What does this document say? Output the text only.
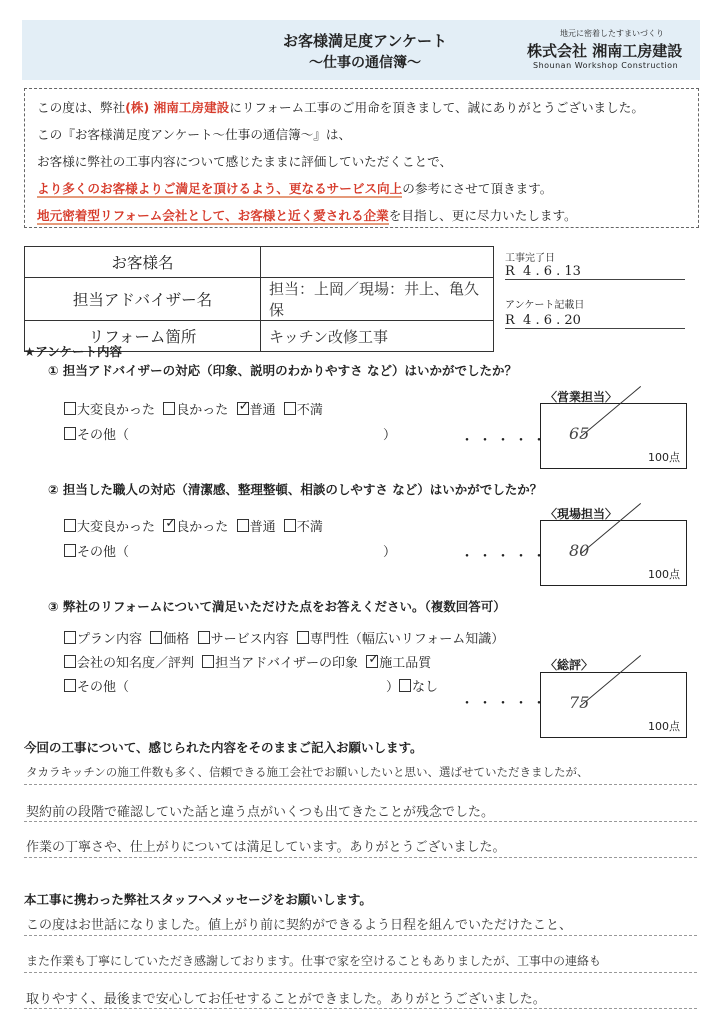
お客様満足度アンケート
〜仕事の通信簿〜
地元に密着したすまいづくり
株式会社 湘南工房建設
Shounan Workshop Construction
この度は、弊社(株) 湘南工房建設にリフォーム工事のご用命を頂きまして、誠にありがとうございました。
この『お客様満足度アンケート〜仕事の通信簿〜』は、
お客様に弊社の工事内容について感じたままに評価していただくことで、
より多くのお客様よりご満足を頂けるよう、更なるサービス向上の参考にさせて頂きます。
地元密着型リフォーム会社として、お客様と近く愛される企業を目指し、更に尽力いたします。
お客様名	
担当アドバイザー名	担当：上岡／現場：井上、亀久保
リフォーム箇所	キッチン改修工事
工事完了日
R  4 . 6 . 13
アンケート記載日
R  4 . 6 . 20
★アンケート内容
① 担当アドバイザーの対応（印象、説明のわかりやすさ など）はいかがでしたか？
大変良かった 良かった ✓ 普通 不満
その他（	）	・・・・・
〈営業担当〉
65
100点
② 担当した職人の対応（清潔感、整理整頓、相談のしやすさ など）はいかがでしたか？
大変良かった ✓ 良かった 普通 不満
その他（	）	・・・・・
〈現場担当〉
80
100点
③ 弊社のリフォームについて満足いただけた点をお答えください。（複数回答可）
プラン内容 価格 サービス内容 専門性（幅広いリフォーム知識）
会社の知名度／評判 担当アドバイザーの印象 ✓ 施工品質
その他（	） なし
・・・・・
〈総評〉
75
100点
今回の工事について、感じられた内容をそのままご記入お願いします。
タカラキッチンの施工件数も多く、信頼できる施工会社でお願いしたいと思い、選ばせていただきましたが、
契約前の段階で確認していた話と違う点がいくつも出てきたことが残念でした。
作業の丁寧さや、仕上がりについては満足しています。ありがとうございました。
本工事に携わった弊社スタッフへメッセージをお願いします。
この度はお世話になりました。値上がり前に契約ができるよう日程を組んでいただけたこと、
また作業も丁寧にしていただき感謝しております。仕事で家を空けることもありましたが、工事中の連絡も
取りやすく、最後まで安心してお任せすることができました。ありがとうございました。
